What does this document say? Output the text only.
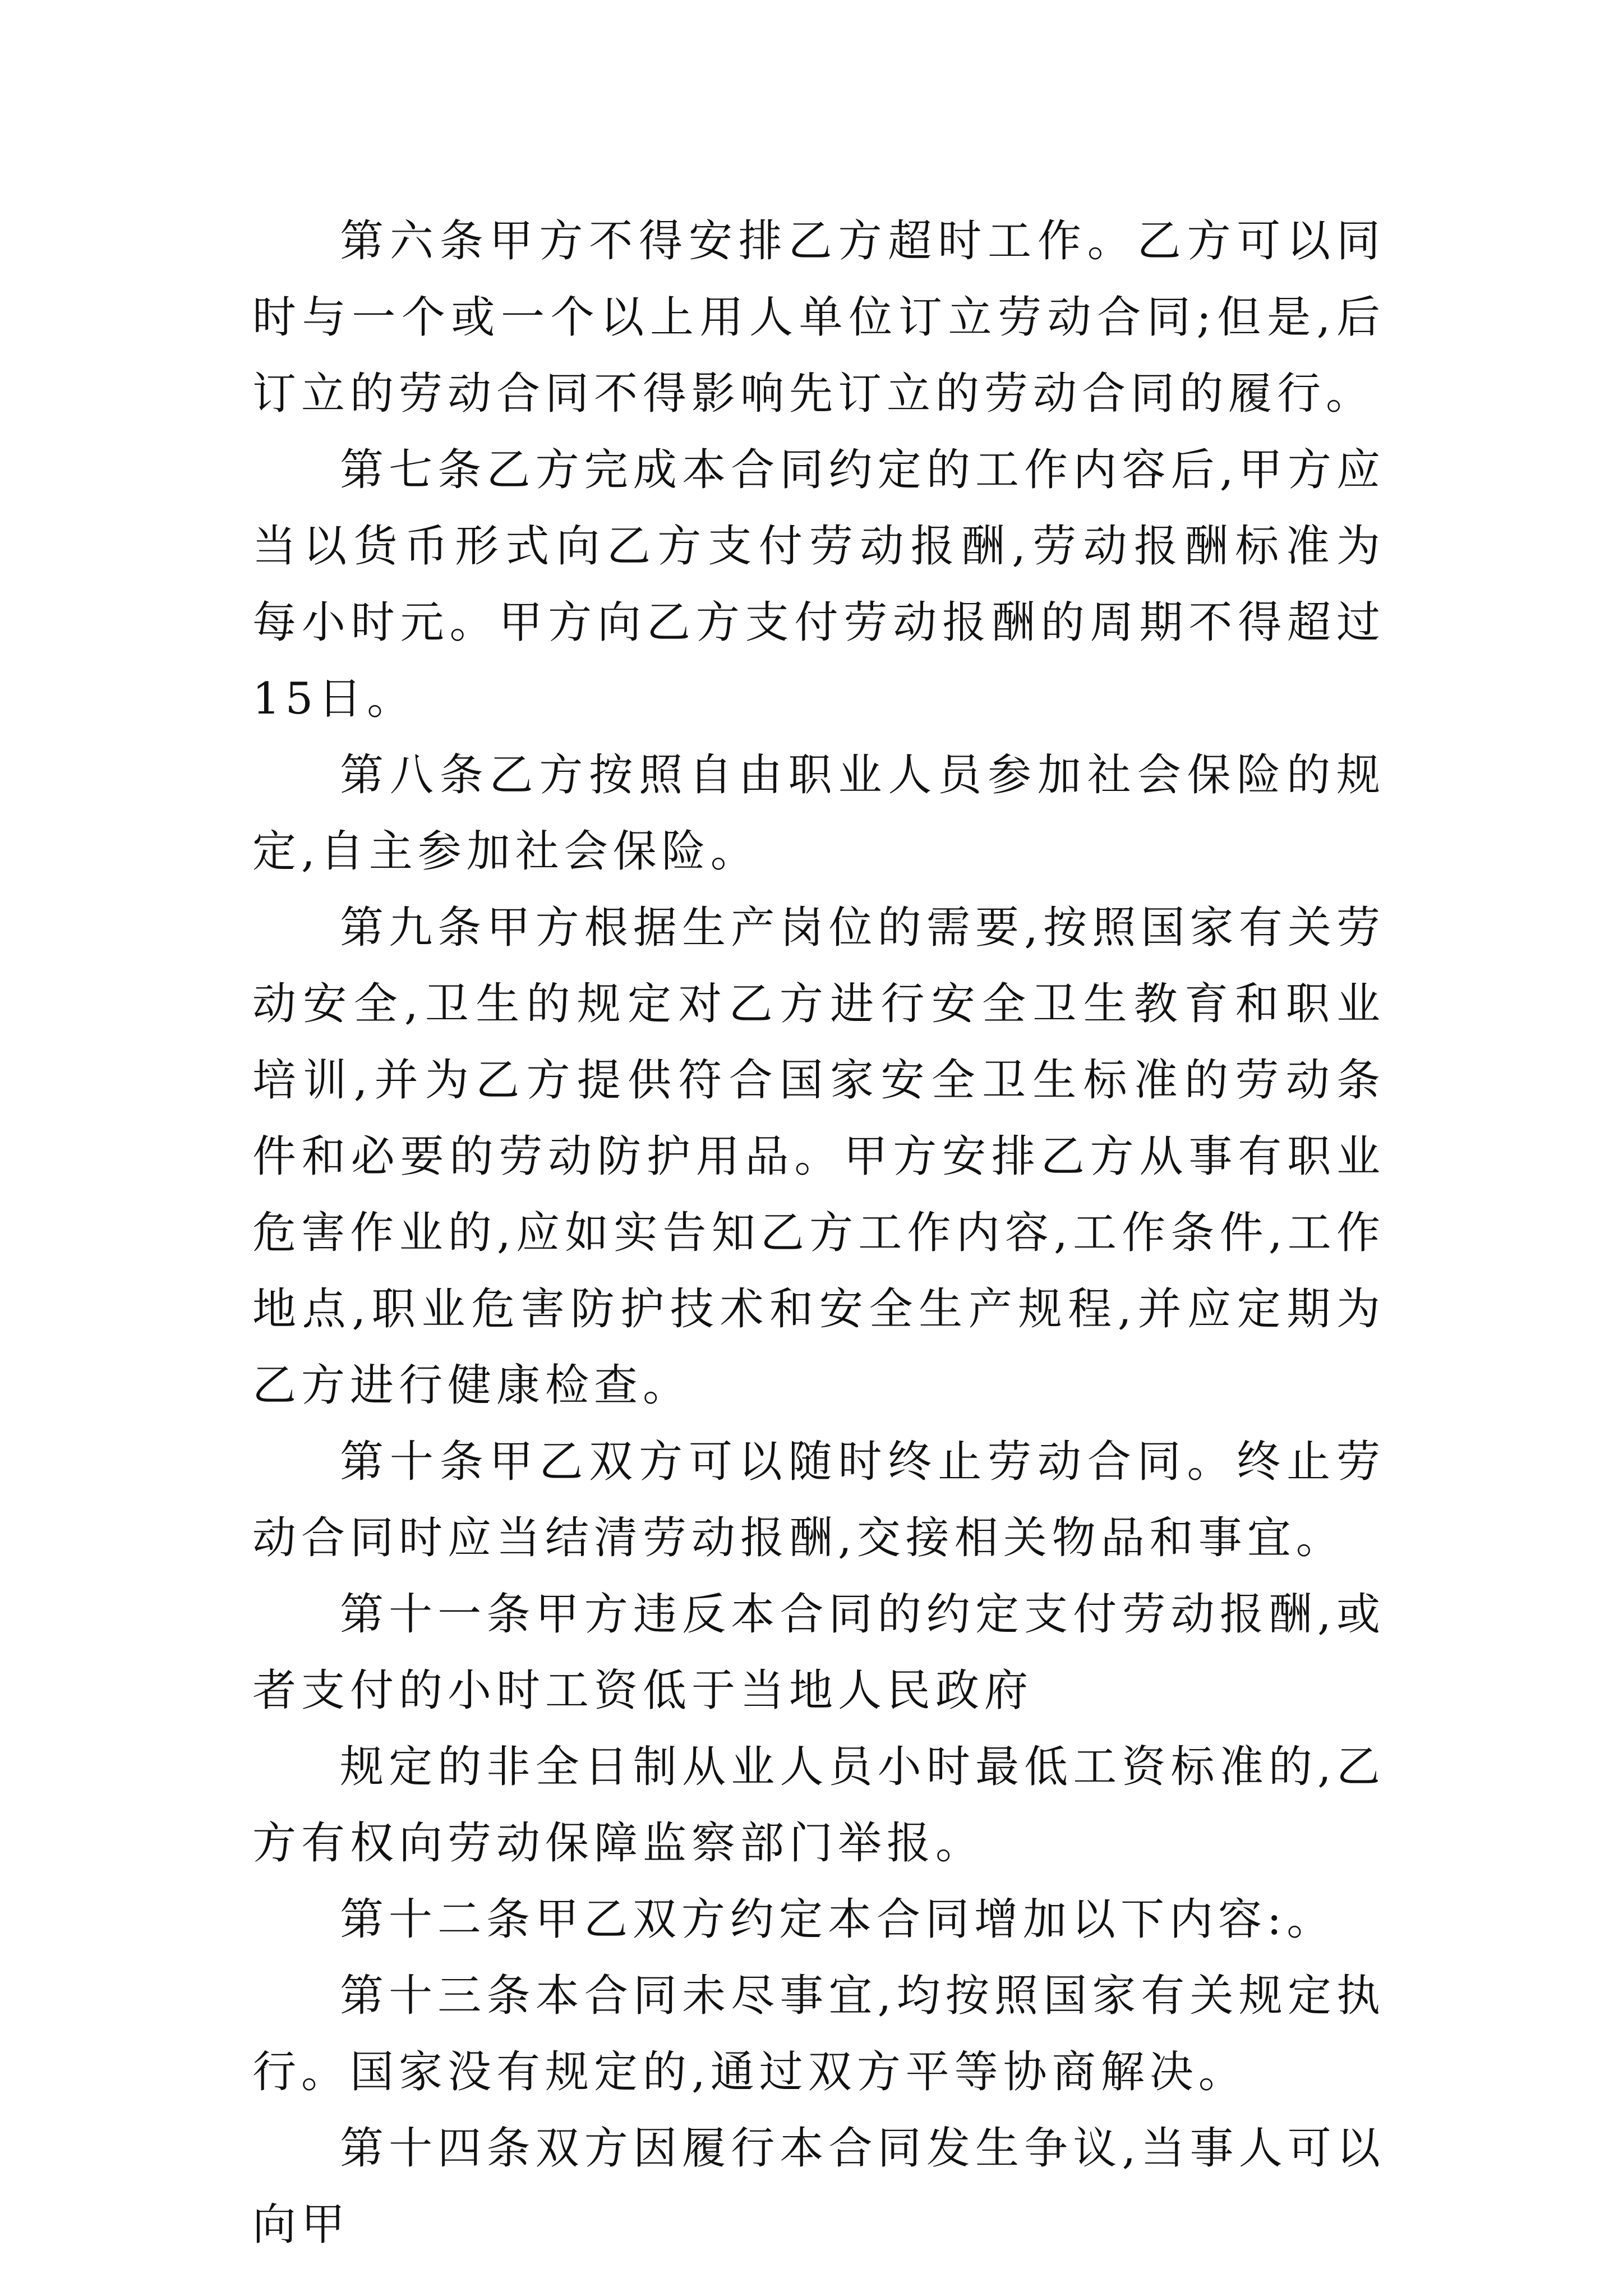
第六条甲方不得安排乙方超时工作。乙方可以同时与一个或一个以上用人单位订立劳动合同;但是,后订立的劳动合同不得影响先订立的劳动合同的履行。

第七条乙方完成本合同约定的工作内容后,甲方应当以货币形式向乙方支付劳动报酬,劳动报酬标准为每小时元。甲方向乙方支付劳动报酬的周期不得超过15日。

第八条乙方按照自由职业人员参加社会保险的规定,自主参加社会保险。

第九条甲方根据生产岗位的需要,按照国家有关劳动安全,卫生的规定对乙方进行安全卫生教育和职业培训,并为乙方提供符合国家安全卫生标准的劳动条件和必要的劳动防护用品。甲方安排乙方从事有职业危害作业的,应如实告知乙方工作内容,工作条件,工作地点,职业危害防护技术和安全生产规程,并应定期为乙方进行健康检查。

第十条甲乙双方可以随时终止劳动合同。终止劳动合同时应当结清劳动报酬,交接相关物品和事宜。

第十一条甲方违反本合同的约定支付劳动报酬,或者支付的小时工资低于当地人民政府

规定的非全日制从业人员小时最低工资标准的,乙方有权向劳动保障监察部门举报。

第十二条甲乙双方约定本合同增加以下内容:。

第十三条本合同未尽事宜,均按照国家有关规定执行。国家没有规定的,通过双方平等协商解决。

第十四条双方因履行本合同发生争议,当事人可以向甲
